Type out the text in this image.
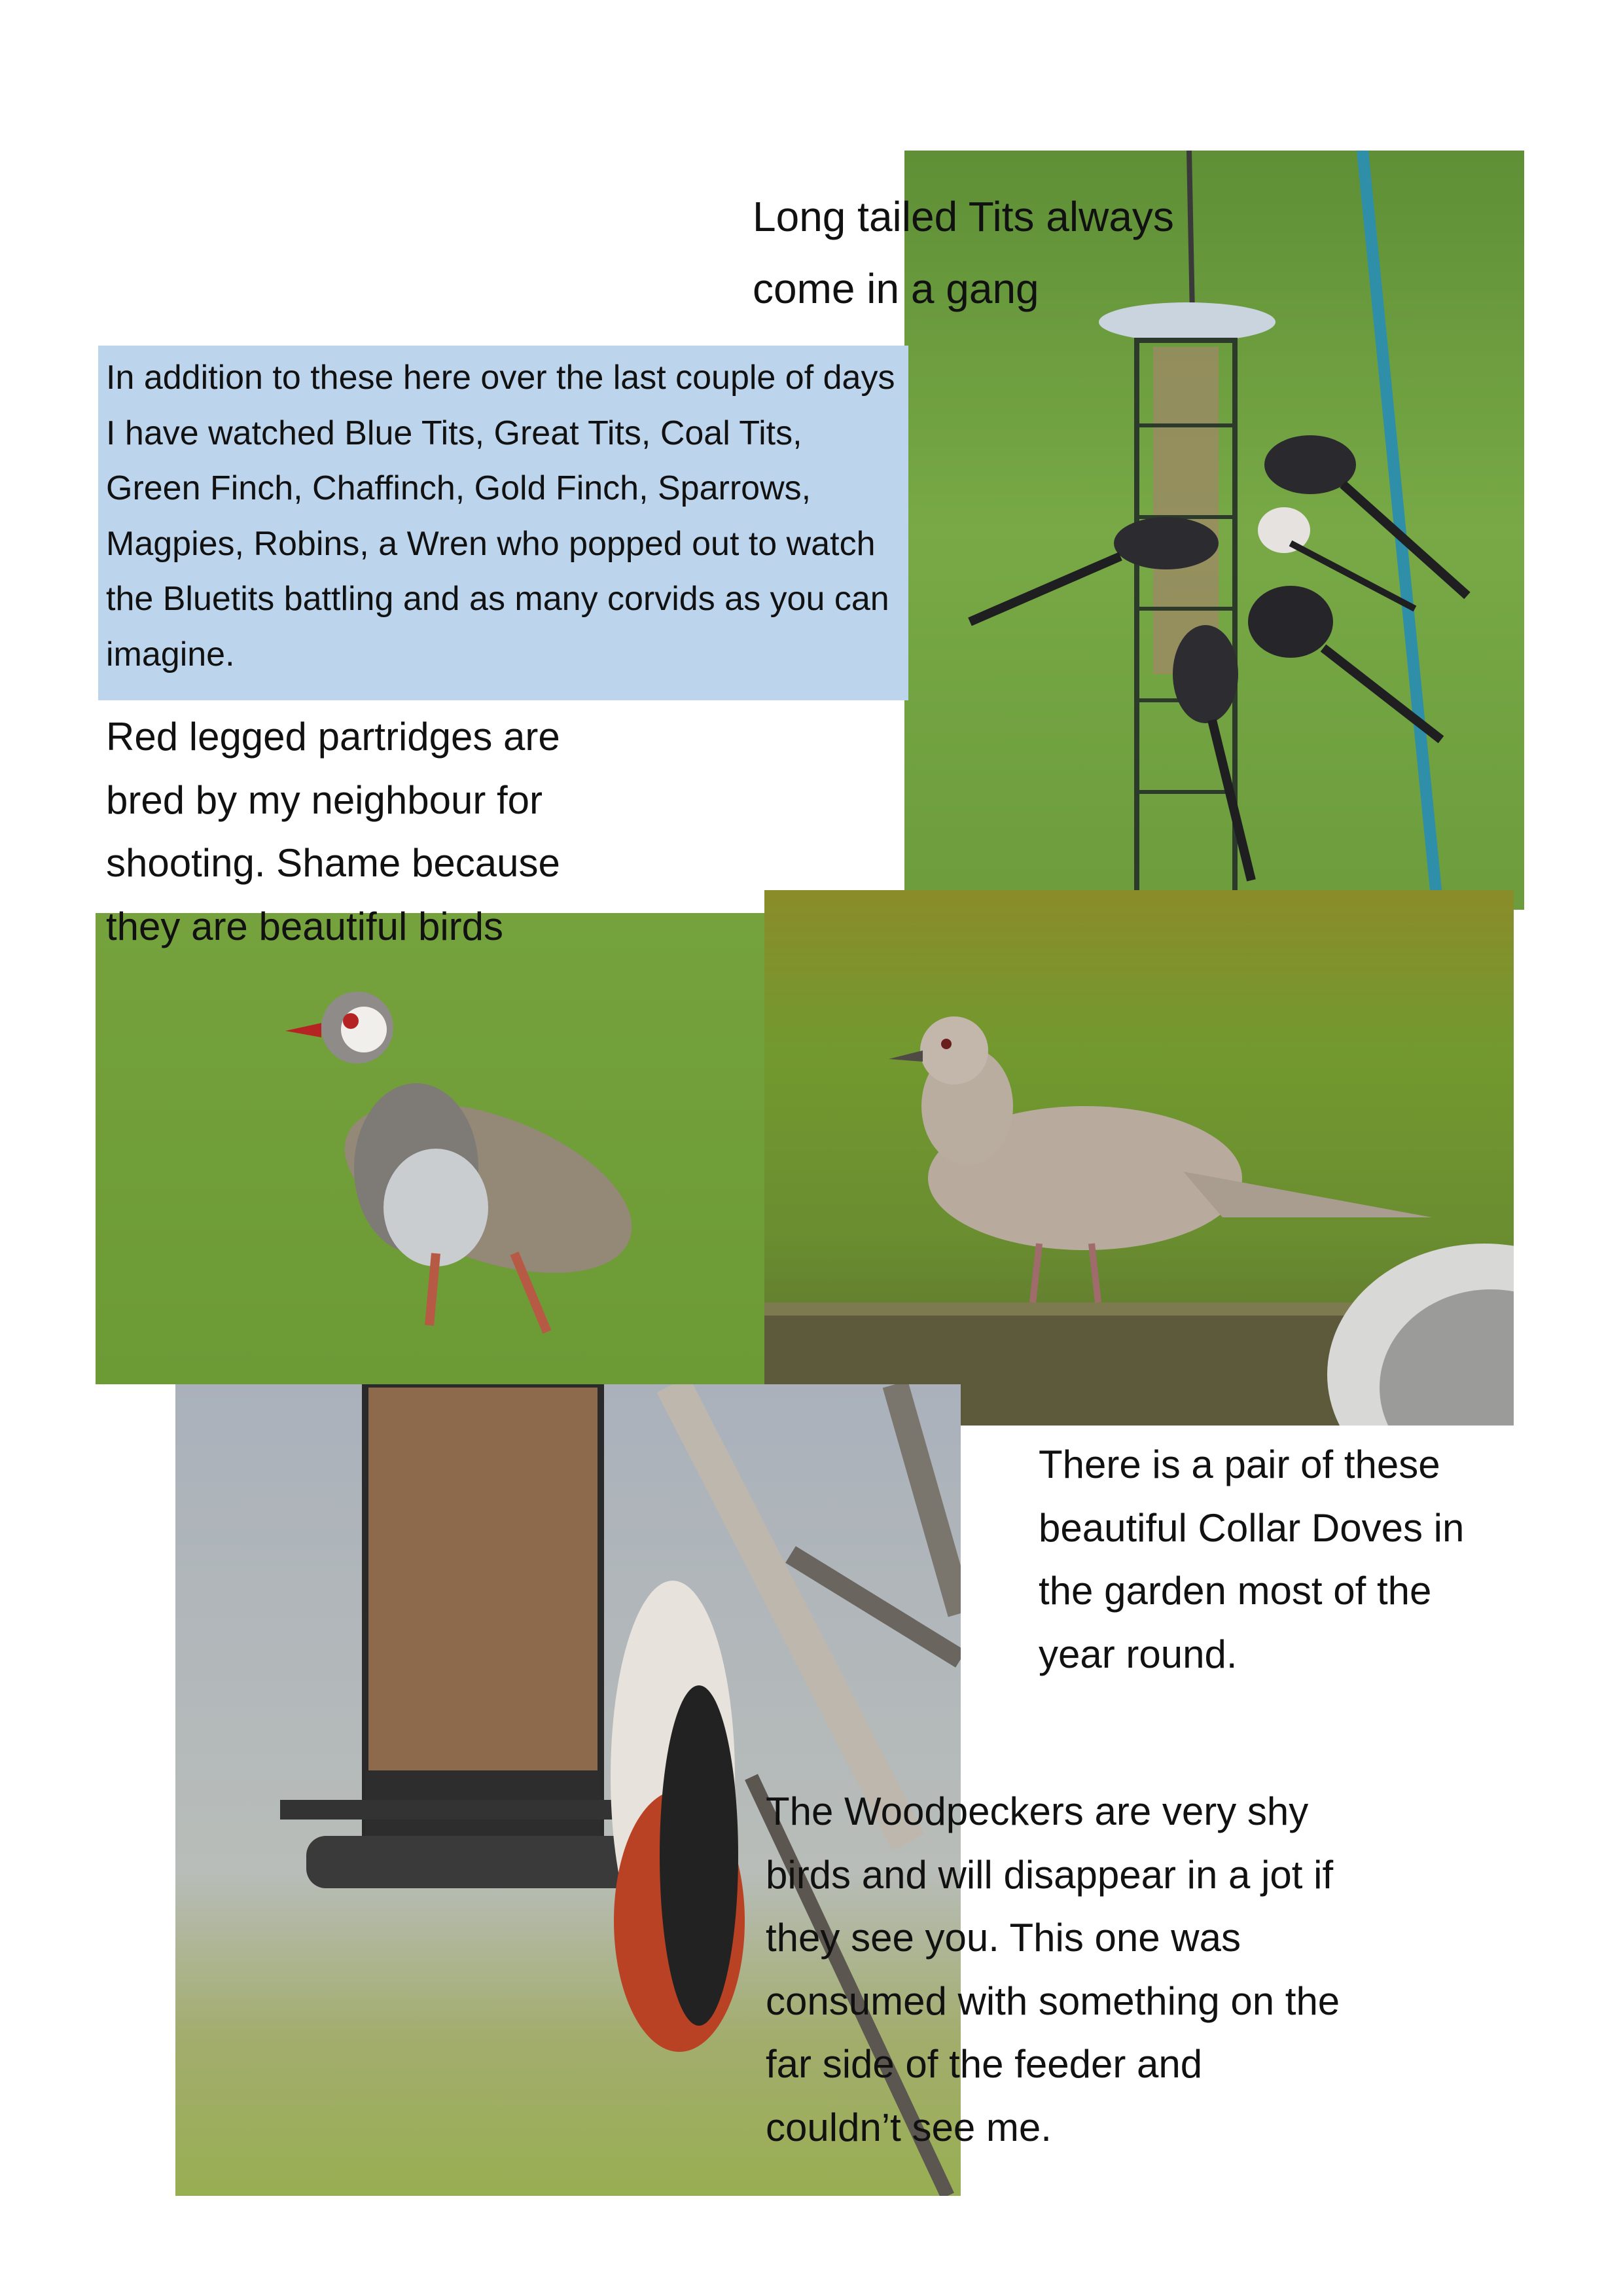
Long tailed Tits always come in a gang

In addition to these here over the last couple of days I have watched Blue Tits, Great Tits, Coal Tits, Green Finch, Chaffinch, Gold Finch, Sparrows, Magpies, Robins, a Wren who popped out to watch the Bluetits battling and as many corvids as you can imagine.

Red legged partridges are bred by my neighbour for shooting. Shame because they are beautiful birds

There is a pair of these beautiful Collar Doves in the garden most of the year round.

The Woodpeckers are very shy birds and will disappear in a jot if they see you. This one was consumed with something on the far side of the feeder and couldn’t see me.
